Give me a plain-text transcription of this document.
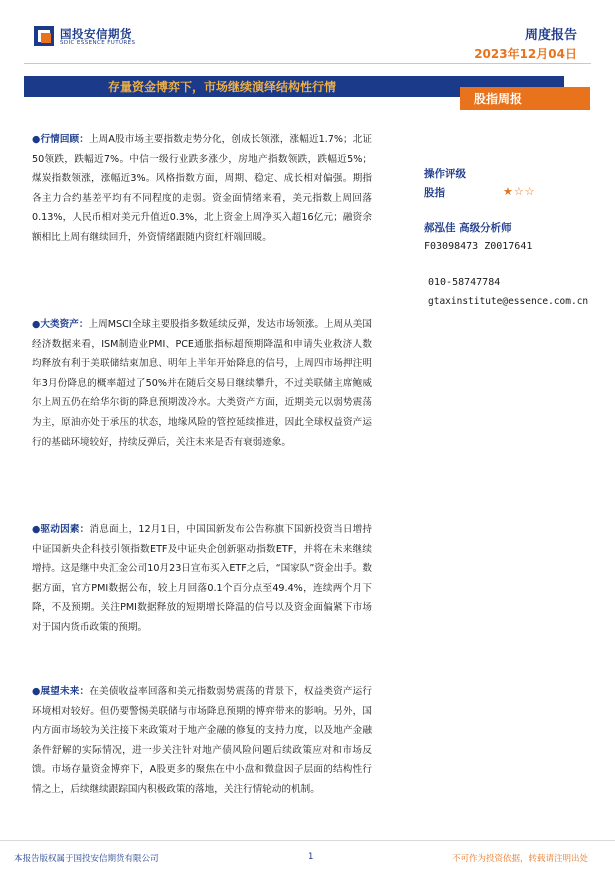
国投安信期货
SDIC ESSENCE FUTURES	周度报告
2023年12月04日
存量资金博弈下，市场继续演绎结构性行情
股指周报
●行情回顾：上周A股市场主要指数走势分化，创成长领涨，涨幅近1.7%；北证50领跌，跌幅近7%。中信一级行业跌多涨少，房地产指数领跌，跌幅近5%；煤炭指数领涨，涨幅近3%。风格指数方面，周期、稳定、成长相对偏强。期指各主力合约基差平均有不同程度的走弱。资金面情绪来看，美元指数上周回落0.13%，人民币相对美元升值近0.3%，北上资金上周净买入超16亿元；融资余额相比上周有继续回升，外资情绪跟随内资红杆端回暖。
●大类资产：上周MSCI全球主要股指多数延续反弹，发达市场领涨。上周从美国经济数据来看，ISM制造业PMI、PCE通胀指标超预期降温和申请失业救济人数均释放有利于美联储结束加息、明年上半年开始降息的信号，上周四市场押注明年3月份降息的概率超过了50%并在随后交易日继续攀升，不过美联储主席鲍威尔上周五仍在给华尔街的降息预期泼冷水。大类资产方面，近期美元以弱势震荡为主，原油亦处于承压的状态，地缘风险的管控延续推进，因此全球权益资产运行的基础环境较好，持续反弹后，关注未来是否有衰弱迹象。
●驱动因素：消息面上，12月1日，中国国新发布公告称旗下国新投资当日增持中证国新央企科技引领指数ETF及中证央企创新驱动指数ETF，并将在未来继续增持。这是继中央汇金公司10月23日宣布买入ETF之后，“国家队”资金出手。数据方面，官方PMI数据公布，较上月回落0.1个百分点至49.4%，连续两个月下降，不及预期。关注PMI数据释放的短期增长降温的信号以及资金面偏紧下市场对于国内货币政策的预期。
●展望未来：在美债收益率回落和美元指数弱势震荡的背景下，权益类资产运行环境相对较好。但仍要警惕美联储与市场降息预期的博弈带来的影响。另外，国内方面市场较为关注接下来政策对于地产金融的修复的支持力度，以及地产金融条件舒解的实际情况，进一步关注针对地产债风险问题后续政策应对和市场反馈。市场存量资金博弈下，A股更多的聚焦在中小盘和微盘因子层面的结构性行情之上，后续继续跟踪国内积极政策的落地，关注行情轮动的机制。
操作评级
股指	★☆☆
郝泓佳 高级分析师
F03098473 Z0017641
010-58747784
gtaxinstitute@essence.com.cn
本报告版权属于国投安信期货有限公司	1	不可作为投资依据，转载请注明出处
